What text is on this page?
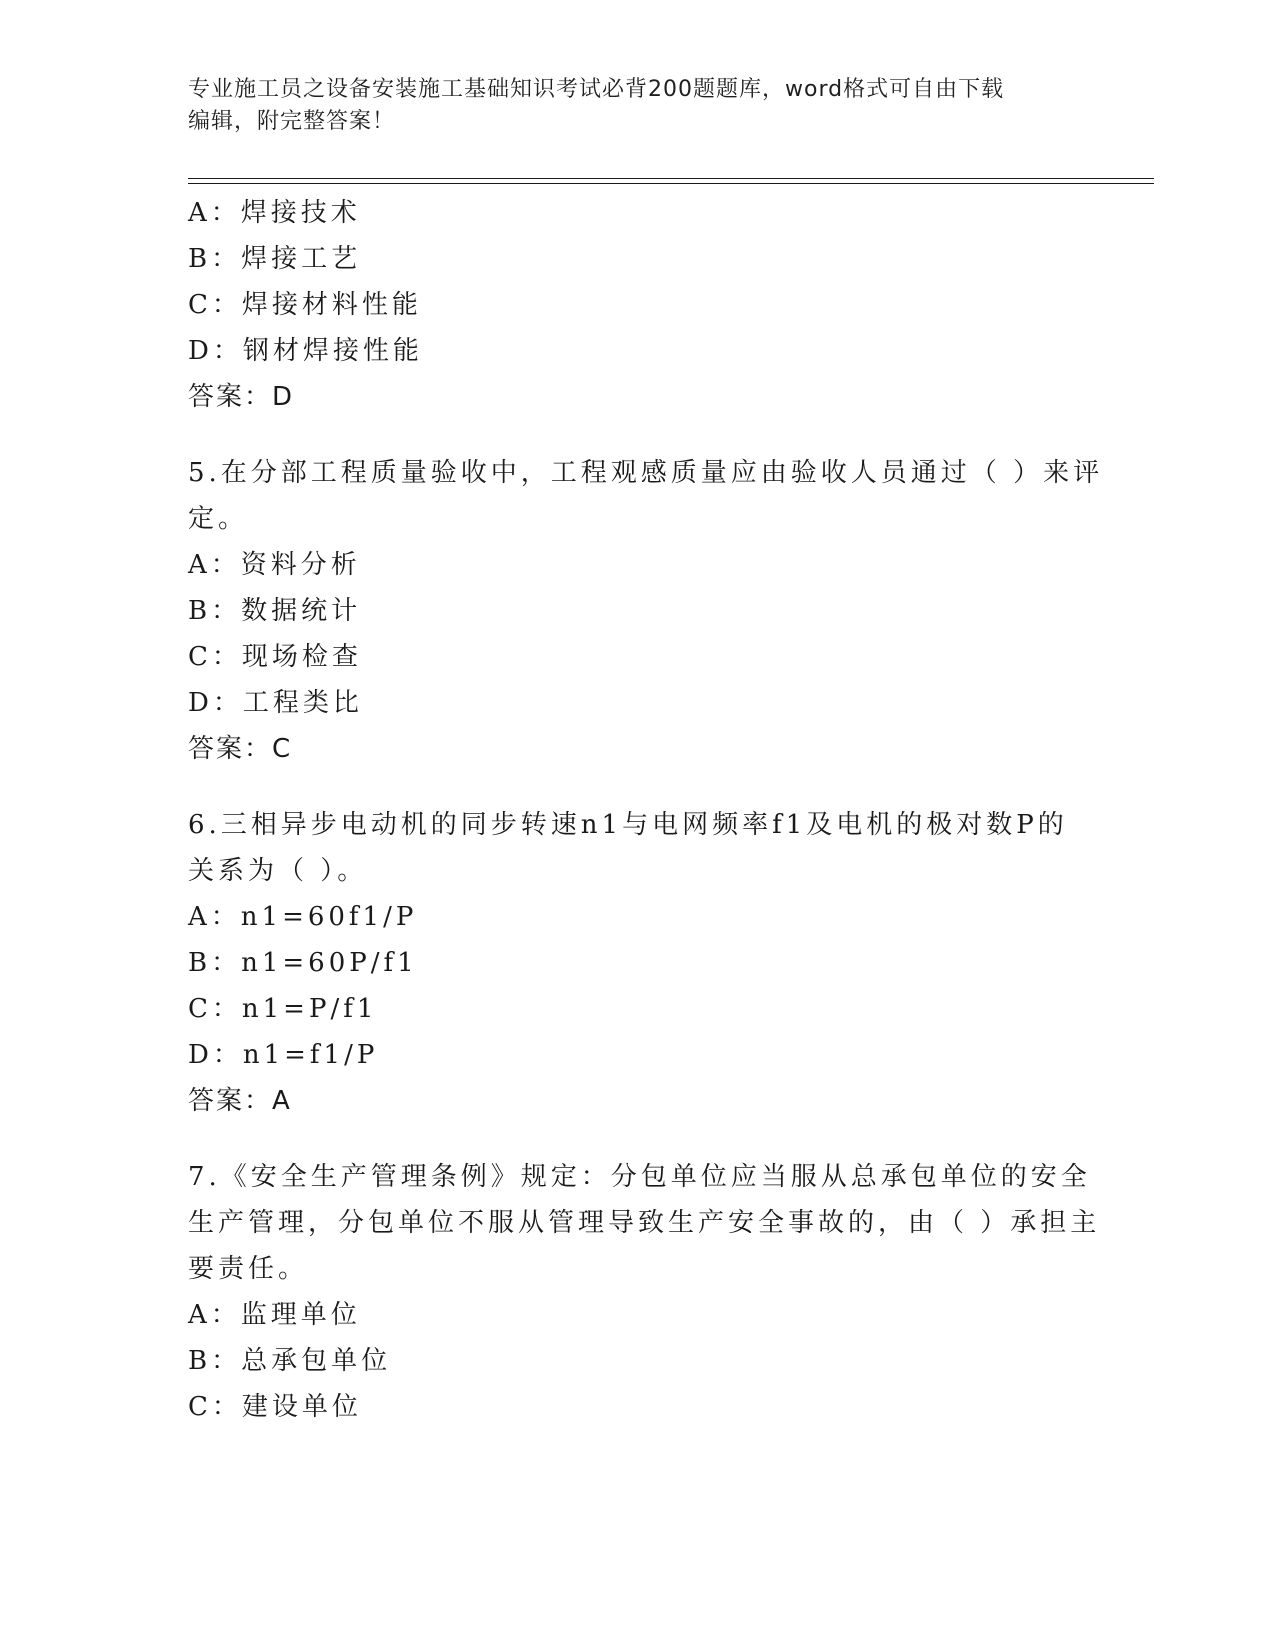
专业施工员之设备安装施工基础知识考试必背200题题库，word格式可自由下载
编辑，附完整答案！
A：焊接技术
B：焊接工艺
C：焊接材料性能
D：钢材焊接性能
答案：D
5.在分部工程质量验收中，工程观感质量应由验收人员通过（ ）来评
定。
A：资料分析
B：数据统计
C：现场检查
D：工程类比
答案：C
6.三相异步电动机的同步转速n1与电网频率f1及电机的极对数P的
关系为（ ）。
A：n1=60f1/P
B：n1=60P/f1
C：n1=P/f1
D：n1=f1/P
答案：A
7.《安全生产管理条例》规定：分包单位应当服从总承包单位的安全
生产管理，分包单位不服从管理导致生产安全事故的，由（ ）承担主
要责任。
A：监理单位
B：总承包单位
C：建设单位
